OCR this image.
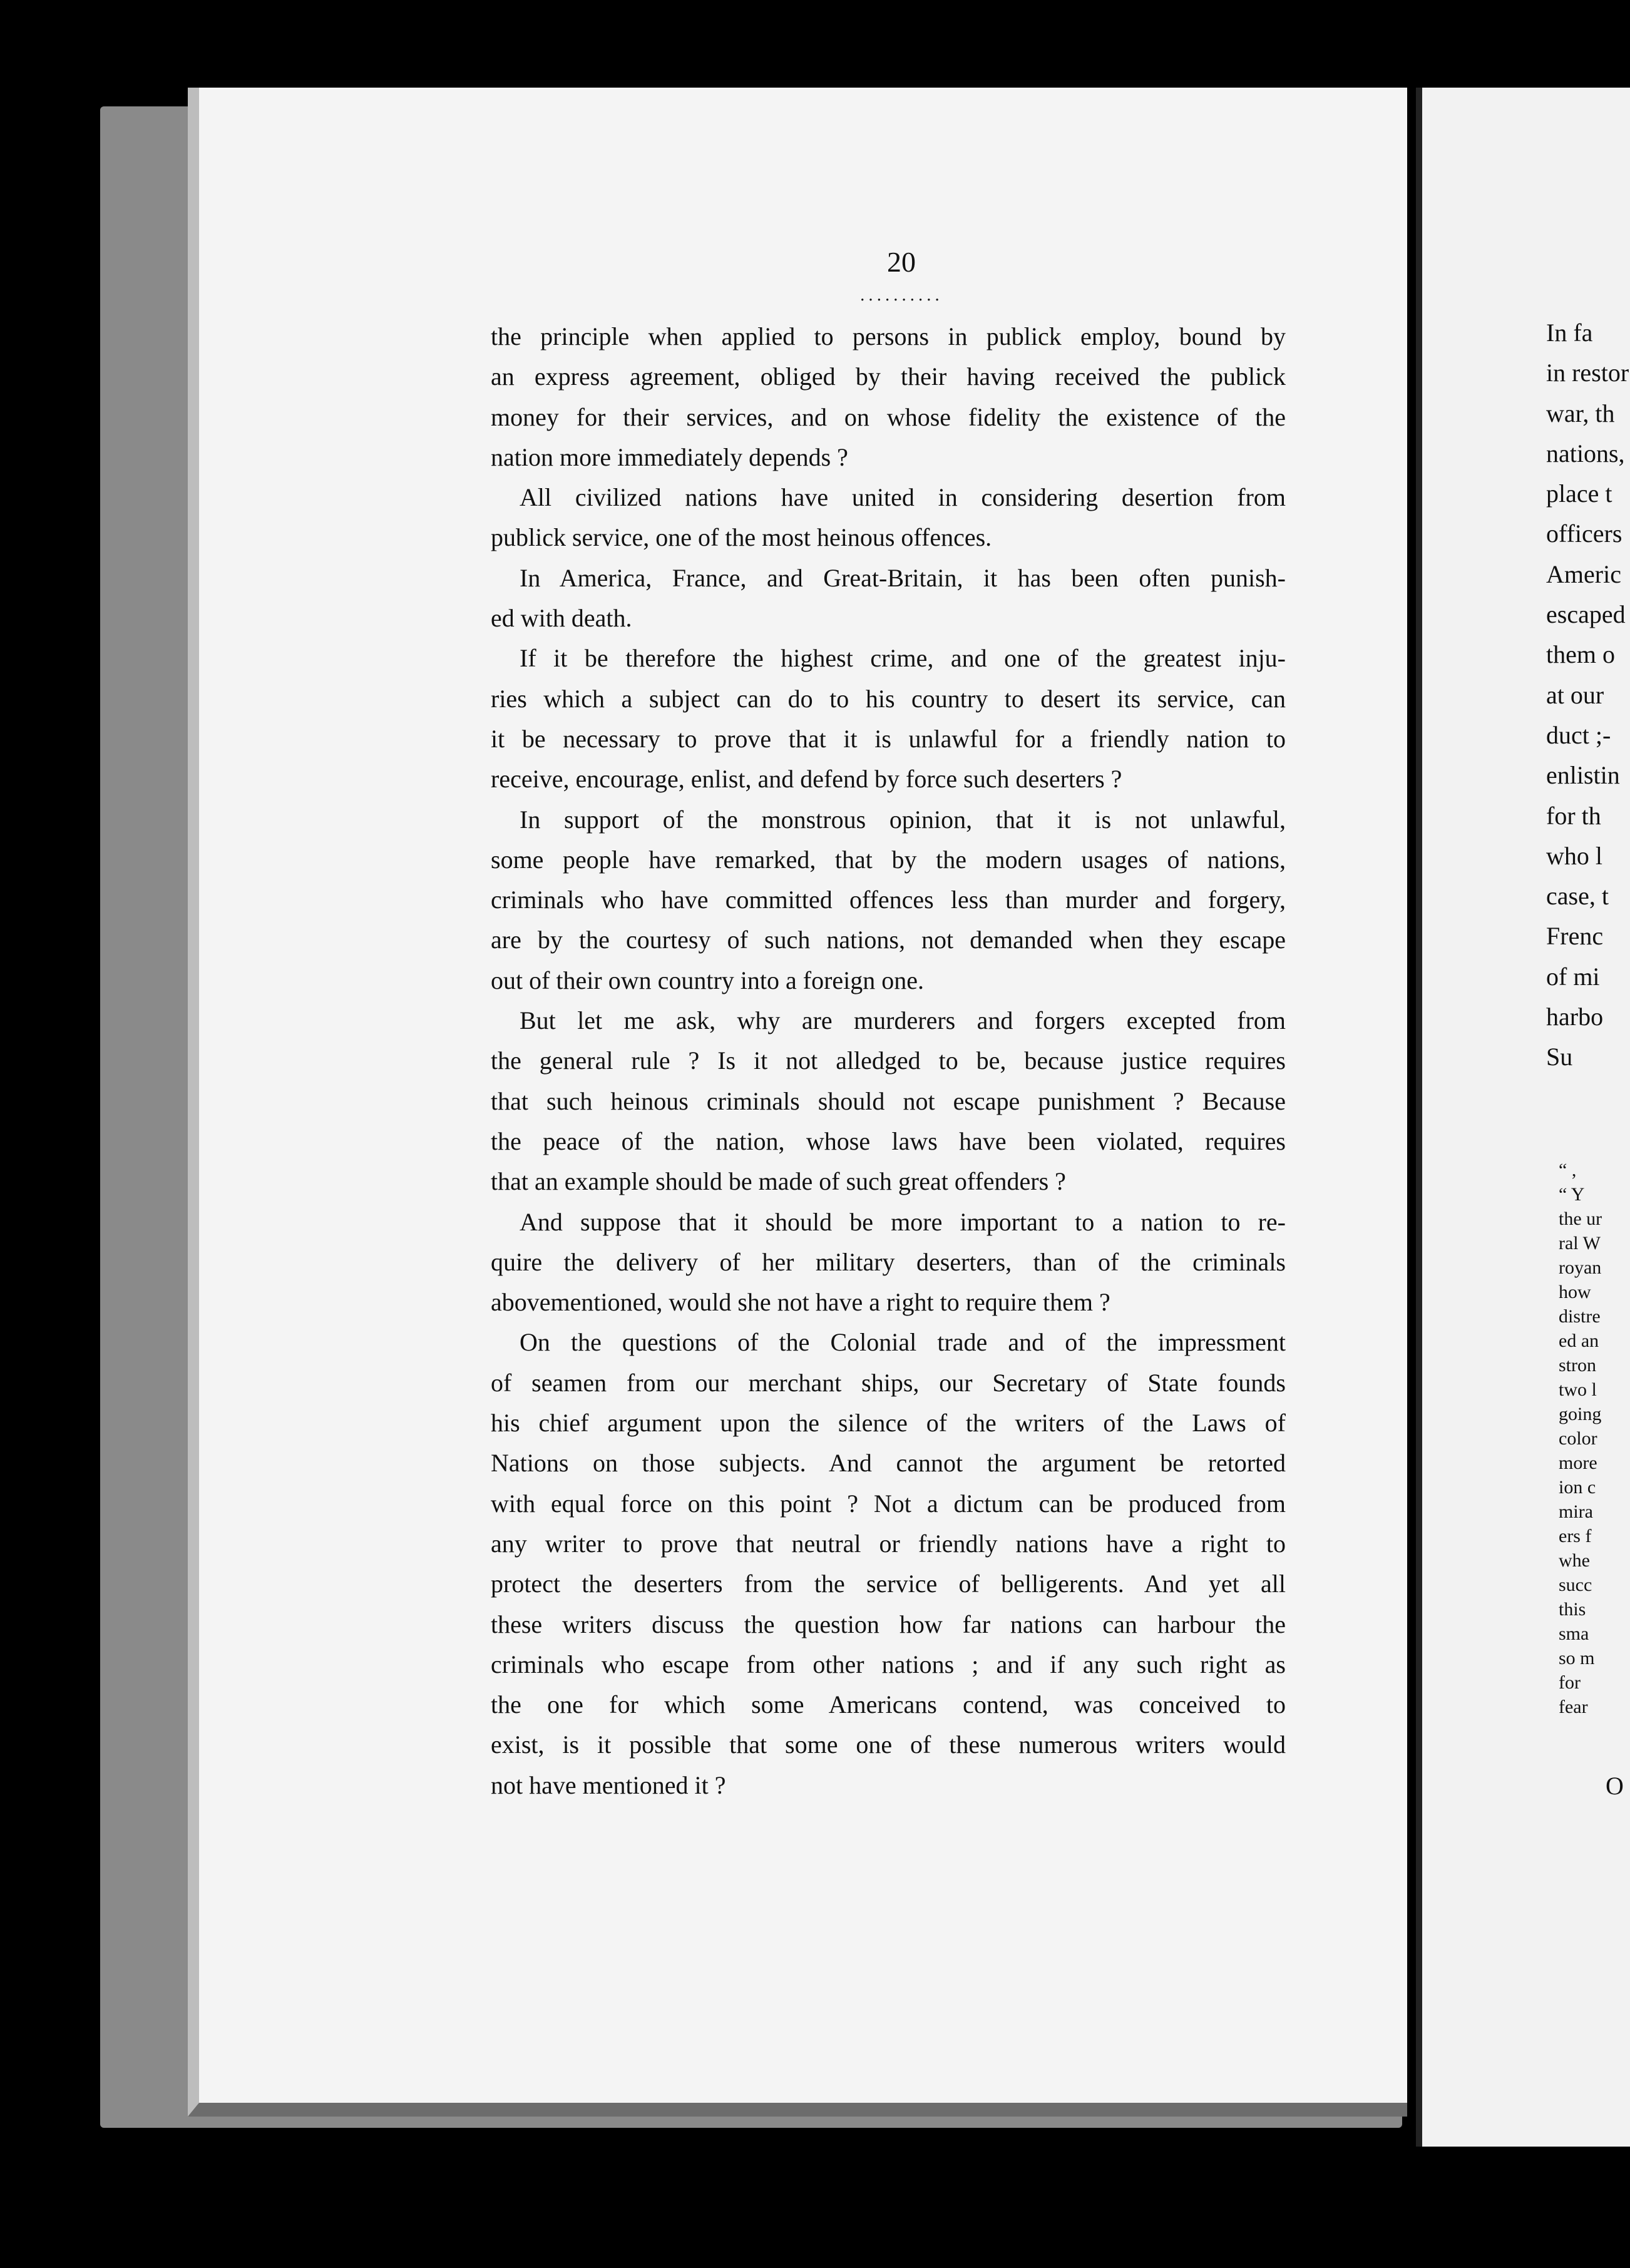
20
··········

the principle when applied to persons in publick employ, bound by

an express agreement, obliged by their having received the publick

money for their services, and on whose fidelity the existence of the

nation more immediately depends ?

All civilized nations have united in considering desertion from

publick service, one of the most heinous offences.

In America, France, and Great-Britain, it has been often punish-

ed with death.

If it be therefore the highest crime, and one of the greatest inju-

ries which a subject can do to his country to desert its service, can

it be necessary to prove that it is unlawful for a friendly nation to

receive, encourage, enlist, and defend by force such deserters ?

In support of the monstrous opinion, that it is not unlawful,

some people have remarked, that by the modern usages of nations,

criminals who have committed offences less than murder and forgery,

are by the courtesy of such nations, not demanded when they escape

out of their own country into a foreign one.

But let me ask, why are murderers and forgers excepted from

the general rule ? Is it not alledged to be, because justice requires

that such heinous criminals should not escape punishment ? Because

the peace of the nation, whose laws have been violated, requires

that an example should be made of such great offenders ?

And suppose that it should be more important to a nation to re-

quire the delivery of her military deserters, than of the criminals

abovementioned, would she not have a right to require them ?

On the questions of the Colonial trade and of the impressment

of seamen from our merchant ships, our Secretary of State founds

his chief argument upon the silence of the writers of the Laws of

Nations on those subjects. And cannot the argument be retorted

with equal force on this point ? Not a dictum can be produced from

any writer to prove that neutral or friendly nations have a right to

protect the deserters from the service of belligerents. And yet all

these writers discuss the question how far nations can harbour the

criminals who escape from other nations ; and if any such right as

the one for which some Americans contend, was conceived to

exist, is it possible that some one of these numerous writers would

not have mentioned it ?

In fa
in restor
war, th
nations,
place t
officers
Americ
escaped
them o
at our
duct ;-
enlistin
for th
who l
case, t
Frenc
of mi
harbo
Su
“ ,
“ Y
the ur
ral W
royan
how
distre
ed an
stron
two l
going
color
more
ion c
mira
ers f
whe
succ
this
sma
so m
for
fear
O
